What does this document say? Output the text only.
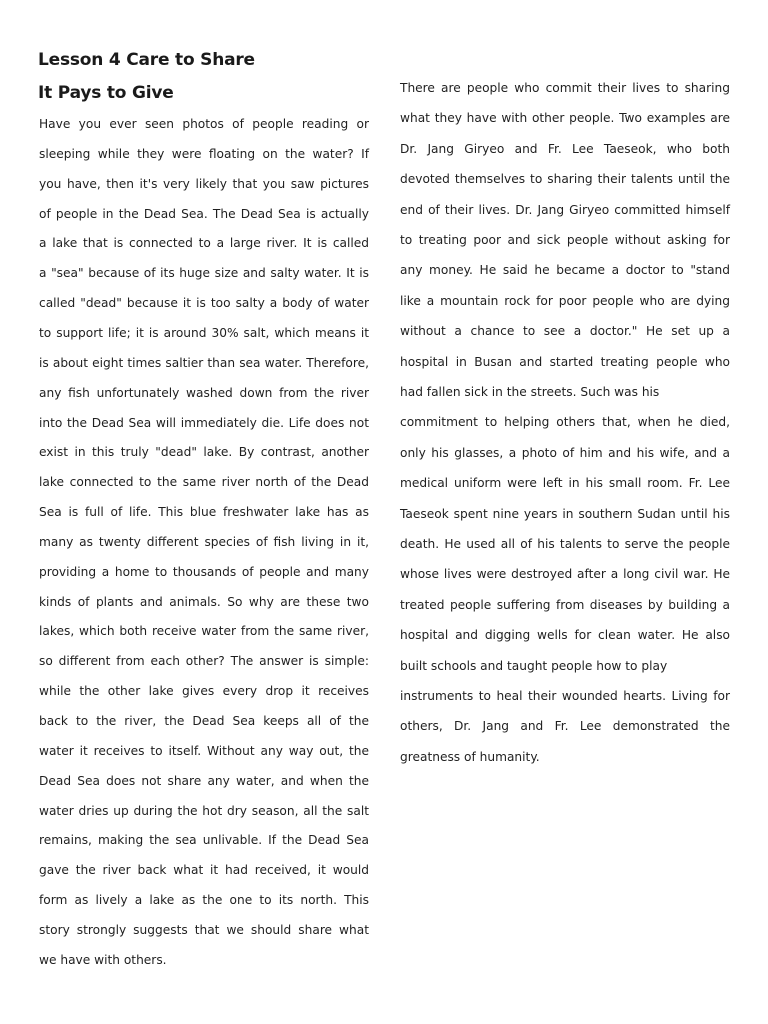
Lesson 4 Care to Share
It Pays to Give
Have you ever seen photos of people reading or
sleeping while they were floating on the water? If
you have, then it's very likely that you saw pictures
of people in the Dead Sea. The Dead Sea is actually
a lake that is connected to a large river. It is called
a "sea" because of its huge size and salty water. It is
called "dead" because it is too salty a body of water
to support life; it is around 30% salt, which means it
is about eight times saltier than sea water. Therefore,
any fish unfortunately washed down from the river
into the Dead Sea will immediately die. Life does not
exist in this truly "dead" lake. By contrast, another
lake connected to the same river north of the Dead
Sea is full of life. This blue freshwater lake has as
many as twenty different species of fish living in it,
providing a home to thousands of people and many
kinds of plants and animals. So why are these two
lakes, which both receive water from the same river,
so different from each other? The answer is simple:
while the other lake gives every drop it receives
back to the river, the Dead Sea keeps all of the
water it receives to itself. Without any way out, the
Dead Sea does not share any water, and when the
water dries up during the hot dry season, all the salt
remains, making the sea unlivable. If the Dead Sea
gave the river back what it had received, it would
form as lively a lake as the one to its north. This
story strongly suggests that we should share what
we have with others.
There are people who commit their lives to sharing
what they have with other people. Two examples are
Dr. Jang Giryeo and Fr. Lee Taeseok, who both
devoted themselves to sharing their talents until the
end of their lives. Dr. Jang Giryeo committed himself
to treating poor and sick people without asking for
any money. He said he became a doctor to "stand
like a mountain rock for poor people who are dying
without a chance to see a doctor." He set up a
hospital in Busan and started treating people who
had fallen sick in the streets. Such was his
commitment to helping others that, when he died,
only his glasses, a photo of him and his wife, and a
medical uniform were left in his small room. Fr. Lee
Taeseok spent nine years in southern Sudan until his
death. He used all of his talents to serve the people
whose lives were destroyed after a long civil war. He
treated people suffering from diseases by building a
hospital and digging wells for clean water. He also
built schools and taught people how to play
instruments to heal their wounded hearts. Living for
others, Dr. Jang and Fr. Lee demonstrated the
greatness of humanity.
